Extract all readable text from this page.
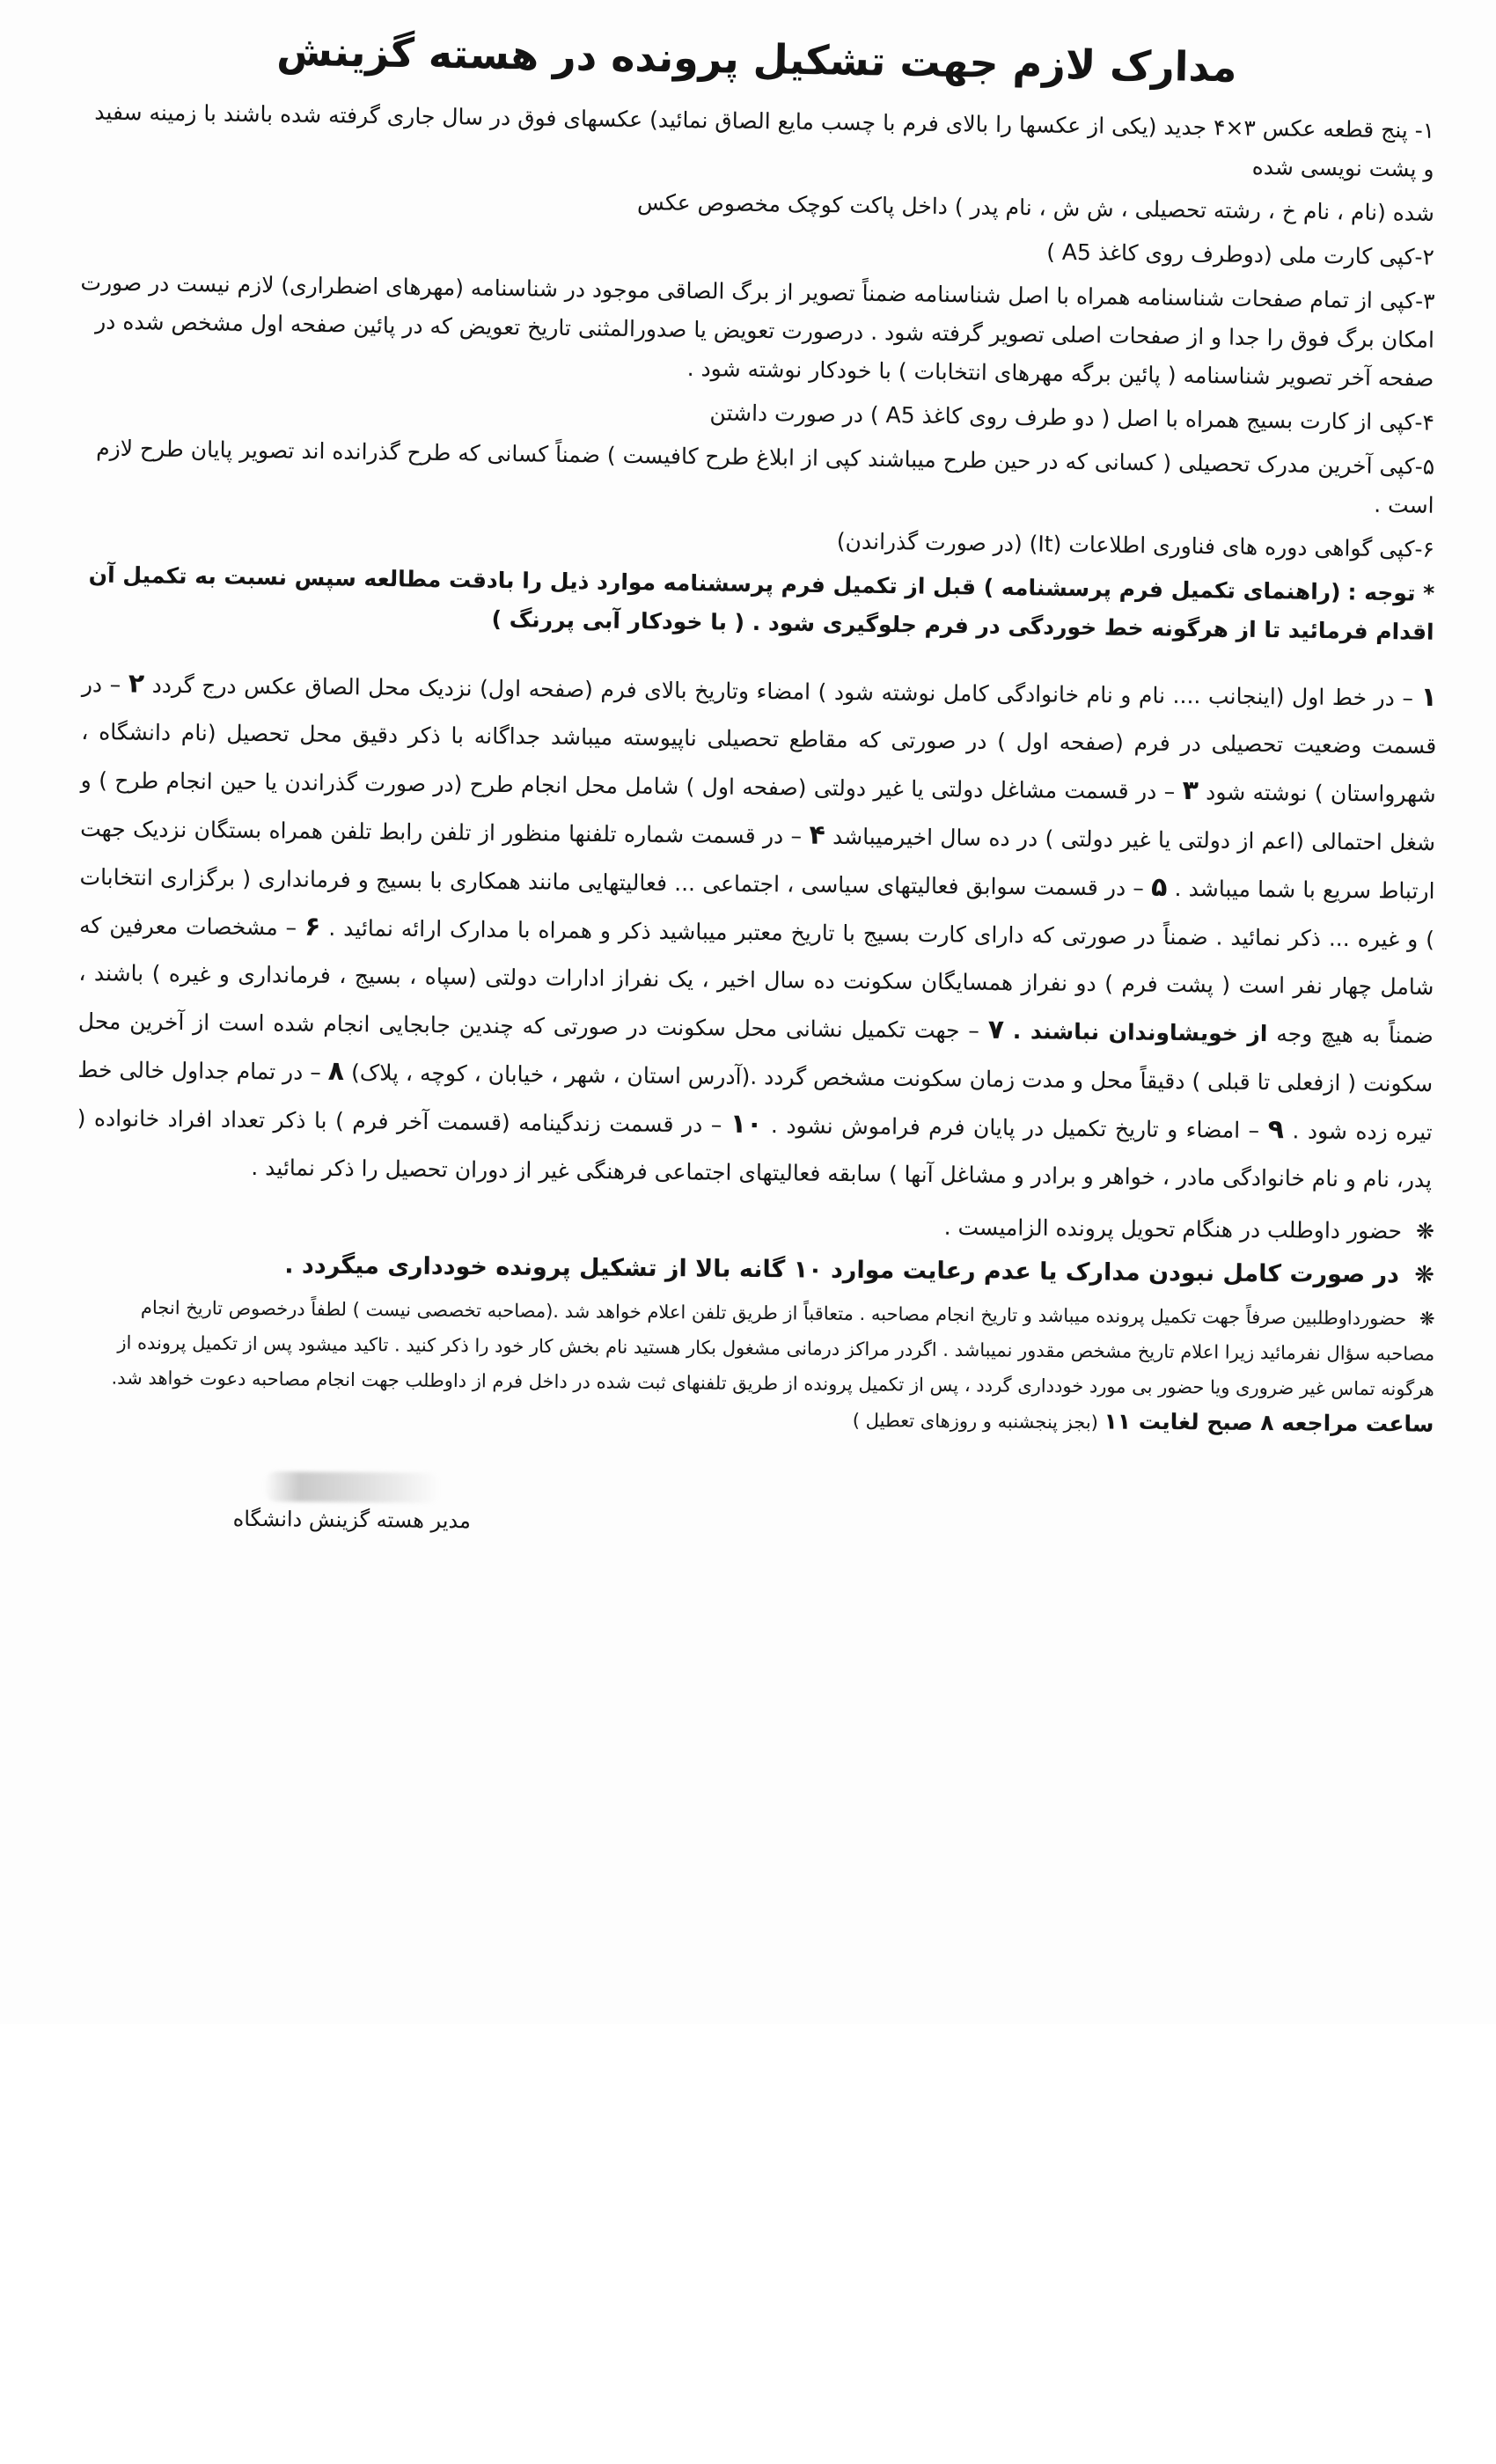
مدارک لازم جهت تشکیل پرونده در هسته گزینش
۱- پنج قطعه عکس ۳×۴ جدید (یکی از عکسها را بالای فرم با چسب مایع الصاق نمائید) عکسهای فوق در سال جاری گرفته شده باشند با زمینه سفید و پشت نویسی شده
شده (نام ، نام خ ، رشته تحصیلی ، ش ش ، نام پدر ) داخل پاکت کوچک مخصوص عکس
۲-کپی کارت ملی (دوطرف روی کاغذ A5 )
۳-کپی از تمام صفحات شناسنامه همراه با اصل شناسنامه ضمناً تصویر از برگ الصاقی موجود در شناسنامه (مهرهای اضطراری) لازم نیست در صورت امکان برگ فوق را جدا و از صفحات اصلی تصویر گرفته شود . درصورت تعویض یا صدورالمثنی تاریخ تعویض که در پائین صفحه اول مشخص شده در صفحه آخر تصویر شناسنامه ( پائین برگه مهرهای انتخابات ) با خودکار نوشته شود .
۴-کپی از کارت بسیج همراه با اصل ( دو طرف روی کاغذ A5 ) در صورت داشتن
۵-کپی آخرین مدرک تحصیلی ( کسانی که در حین طرح میباشند کپی از ابلاغ طرح کافیست ) ضمناً کسانی که طرح گذرانده اند تصویر پایان طرح لازم است .
۶-کپی گواهی دوره های فناوری اطلاعات (It) (در صورت گذراندن)
* توجه : (راهنمای تکمیل فرم پرسشنامه ) قبل از تکمیل فرم پرسشنامه موارد ذیل را بادقت مطالعه سپس نسبت به تکمیل آن اقدام فرمائید تا از هرگونه خط خوردگی در فرم جلوگیری شود . ( با خودکار آبی پررنگ )

۱ – در خط اول (اینجانب .... نام و نام خانوادگی کامل نوشته شود ) امضاء وتاریخ بالای فرم (صفحه اول) نزدیک محل الصاق عکس درج گردد ۲ – در قسمت وضعیت تحصیلی در فرم (صفحه اول ) در صورتی که مقاطع تحصیلی ناپیوسته میباشد جداگانه با ذکر دقیق محل تحصیل (نام دانشگاه ، شهرواستان ) نوشته شود ۳ – در قسمت مشاغل دولتی یا غیر دولتی (صفحه اول ) شامل محل انجام طرح (در صورت گذراندن یا حین انجام طرح ) و شغل احتمالی (اعم از دولتی یا غیر دولتی ) در ده سال اخیرمیباشد ۴ – در قسمت شماره تلفنها منظور از تلفن رابط تلفن همراه بستگان نزدیک جهت ارتباط سریع با شما میباشد . ۵ – در قسمت سوابق فعالیتهای سیاسی ، اجتماعی ... فعالیتهایی مانند همکاری با بسیج و فرمانداری ( برگزاری انتخابات ) و غیره ... ذکر نمائید . ضمناً در صورتی که دارای کارت بسیج با تاریخ معتبر میباشید ذکر و همراه با مدارک ارائه نمائید . ۶ – مشخصات معرفین که شامل چهار نفر است ( پشت فرم ) دو نفراز همسایگان سکونت ده سال اخیر ، یک نفراز ادارات دولتی (سپاه ، بسیج ، فرمانداری و غیره ) باشند ، ضمناً به هیچ وجه از خویشاوندان نباشند . ۷ – جهت تکمیل نشانی محل سکونت در صورتی که چندین جابجایی انجام شده است از آخرین محل سکونت ( ازفعلی تا قبلی ) دقیقاً محل و مدت زمان سکونت مشخص گردد .(آدرس استان ، شهر ، خیابان ، کوچه ، پلاک) ۸ – در تمام جداول خالی خط تیره زده شود . ۹ – امضاء و تاریخ تکمیل در پایان فرم فراموش نشود . ۱۰ – در قسمت زندگینامه (قسمت آخر فرم ) با ذکر تعداد افراد خانواده ( پدر، نام و نام خانوادگی مادر ، خواهر و برادر و مشاغل آنها ) سابقه فعالیتهای اجتماعی فرهنگی غیر از دوران تحصیل را ذکر نمائید .

❋ حضور داوطلب در هنگام تحویل پرونده الزامیست .
❋ در صورت کامل نبودن مدارک یا عدم رعایت موارد ۱۰ گانه بالا از تشکیل پرونده خودداری میگردد .
❋ حضورداوطلبین صرفاً جهت تکمیل پرونده میباشد و تاریخ انجام مصاحبه . متعاقباً از طریق تلفن اعلام خواهد شد .(مصاحبه تخصصی نیست ) لطفاً درخصوص تاریخ انجام مصاحبه سؤال نفرمائید زیرا اعلام تاریخ مشخص مقدور نمیباشد . اگردر مراکز درمانی مشغول بکار هستید نام بخش کار خود را ذکر کنید . تاکید میشود پس از تکمیل پرونده از هرگونه تماس غیر ضروری ویا حضور بی مورد خودداری گردد ، پس از تکمیل پرونده از طریق تلفنهای ثبت شده در داخل فرم از داوطلب جهت انجام مصاحبه دعوت خواهد شد. ساعت مراجعه ۸ صبح لغایت ۱۱ (بجز پنجشنبه و روزهای تعطیل )
مدیر هسته گزینش دانشگاه
